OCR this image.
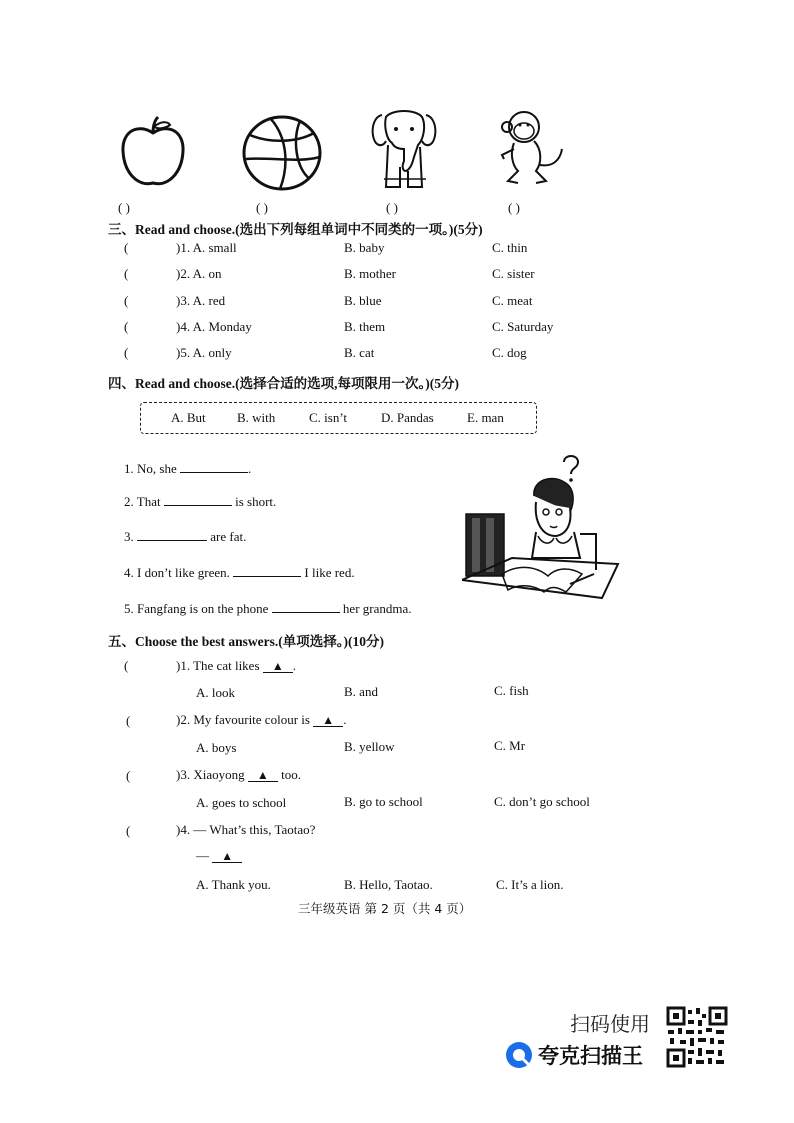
( )	( )	( )	( )
三、Read and choose.(选出下列每组单词中不同类的一项。)(5分)
(	)1. A. small	B. baby	C. thin
(	)2. A. on	B. mother	C. sister
(	)3. A. red	B. blue	C. meat
(	)4. A. Monday	B. them	C. Saturday
(	)5. A. only	B. cat	C. dog
四、Read and choose.(选择合适的选项,每项限用一次。)(5分)
A. But B. with	C. isn’t	D. Pandas	E. man
1. No, she	.
2. That	is short.
3.	are fat.
4. I don’t like green.	I like red.
5. Fangfang is on the phone	her grandma.
五、Choose the best answers.(单项选择。)(10分)
(	)1. The cat likes ▲ .
A. look	B. and	C. fish
(	)2. My favourite colour is ▲ .
A. boys	B. yellow	C. Mr
(	)3. Xiaoyong ▲ too.
A. goes to school	B. go to school	C. don’t go school
(	)4. — What’s this, Taotao?
— ▲
A. Thank you.	B. Hello, Taotao.	C. It’s a lion.
三年级英语 第 2 页（共 4 页）
扫码使用
夸克扫描王
